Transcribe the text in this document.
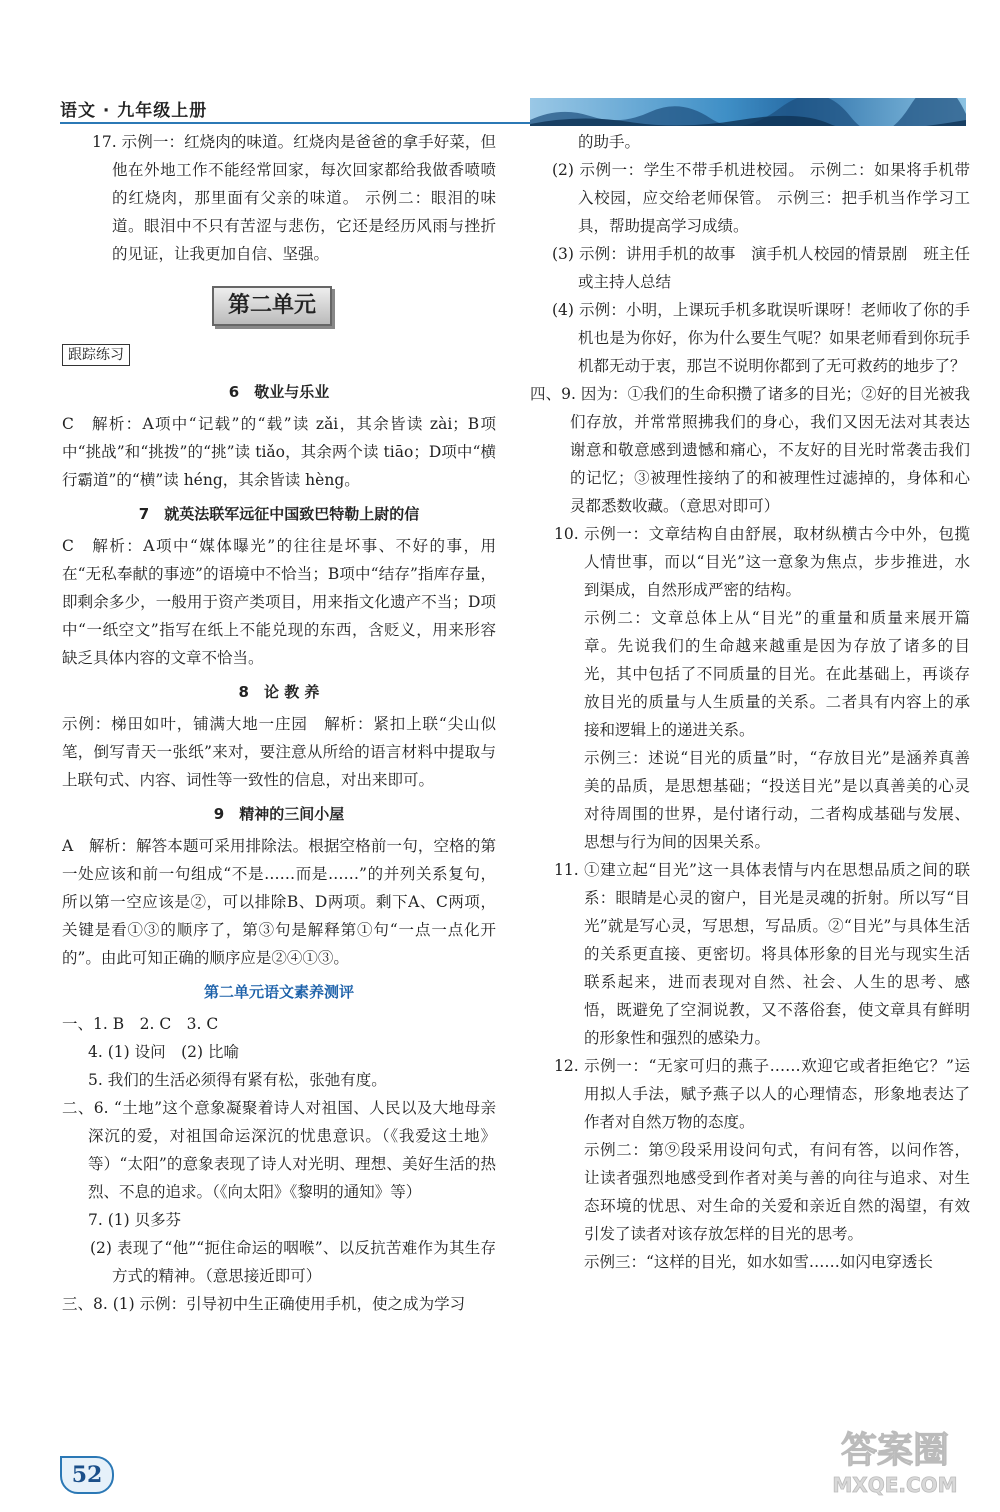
语文 · 九年级上册

17. 示例一：红烧肉的味道。红烧肉是爸爸的拿手好菜，但他在外地工作不能经常回家，每次回家都给我做香喷喷的红烧肉，那里面有父亲的味道。 示例二：眼泪的味道。眼泪中不只有苦涩与悲伤，它还是经历风雨与挫折的见证，让我更加自信、坚强。

第二单元
跟踪练习
6　敬业与乐业

C　解析：A项中“记载”的“载”读 zǎi，其余皆读 zài；B项中“挑战”和“挑拨”的“挑”读 tiǎo，其余两个读 tiāo；D项中“横行霸道”的“横”读 héng，其余皆读 hèng。

7　就英法联军远征中国致巴特勒上尉的信

C　解析：A项中“媒体曝光”的往往是坏事、不好的事，用在“无私奉献的事迹”的语境中不恰当；B项中“结存”指库存量，即剩余多少，一般用于资产类项目，用来指文化遗产不当；D项中“一纸空文”指写在纸上不能兑现的东西，含贬义，用来形容缺乏具体内容的文章不恰当。

8　论 教 养

示例：梯田如叶，铺满大地一庄园　解析：紧扣上联“尖山似笔，倒写青天一张纸”来对，要注意从所给的语言材料中提取与上联句式、内容、词性等一致性的信息，对出来即可。

9　精神的三间小屋

A　解析：解答本题可采用排除法。根据空格前一句，空格的第一处应该和前一句组成“不是……而是……”的并列关系复句，所以第一空应该是②，可以排除B、D两项。剩下A、C两项，关键是看①③的顺序了，第③句是解释第①句“一点一点化开的”。由此可知正确的顺序应是②④①③。

第二单元语文素养测评

一、1. B　2. C　3. C

4. (1) 设问　(2) 比喻

5. 我们的生活必须得有紧有松，张弛有度。

二、6. “土地”这个意象凝聚着诗人对祖国、人民以及大地母亲深沉的爱，对祖国命运深沉的忧患意识。（《我爱这土地》等）“太阳”的意象表现了诗人对光明、理想、美好生活的热烈、不息的追求。（《向太阳》《黎明的通知》等）

7. (1) 贝多芬

(2) 表现了“他”“扼住命运的咽喉”、以反抗苦难作为其生存方式的精神。（意思接近即可）

三、8. (1) 示例：引导初中生正确使用手机，使之成为学习

的助手。

(2) 示例一：学生不带手机进校园。 示例二：如果将手机带入校园，应交给老师保管。 示例三：把手机当作学习工具，帮助提高学习成绩。

(3) 示例：讲用手机的故事　演手机人校园的情景剧　班主任或主持人总结

(4) 示例：小明，上课玩手机多耽误听课呀！老师收了你的手机也是为你好，你为什么要生气呢？如果老师看到你玩手机都无动于衷，那岂不说明你都到了无可救药的地步了？

四、9. 因为：①我们的生命积攒了诸多的目光；②好的目光被我们存放，并常常照拂我们的身心，我们又因无法对其表达谢意和敬意感到遗憾和痛心，不友好的目光时常袭击我们的记忆；③被理性接纳了的和被理性过滤掉的，身体和心灵都悉数收藏。（意思对即可）

10. 示例一：文章结构自由舒展，取材纵横古今中外，包揽人情世事，而以“目光”这一意象为焦点，步步推进，水到渠成，自然形成严密的结构。

示例二：文章总体上从“目光”的重量和质量来展开篇章。先说我们的生命越来越重是因为存放了诸多的目光，其中包括了不同质量的目光。在此基础上，再谈存放目光的质量与人生质量的关系。二者具有内容上的承接和逻辑上的递进关系。

示例三：述说“目光的质量”时，“存放目光”是涵养真善美的品质，是思想基础；“投送目光”是以真善美的心灵对待周围的世界，是付诸行动，二者构成基础与发展、思想与行为间的因果关系。

11. ①建立起“目光”这一具体表情与内在思想品质之间的联系：眼睛是心灵的窗户，目光是灵魂的折射。所以写“目光”就是写心灵，写思想，写品质。②“目光”与具体生活的关系更直接、更密切。将具体形象的目光与现实生活联系起来，进而表现对自然、社会、人生的思考、感悟，既避免了空洞说教，又不落俗套，使文章具有鲜明的形象性和强烈的感染力。

12. 示例一：“无家可归的燕子……欢迎它或者拒绝它？”运用拟人手法，赋予燕子以人的心理情态，形象地表达了作者对自然万物的态度。

示例二：第⑨段采用设问句式，有问有答，以问作答，让读者强烈地感受到作者对美与善的向往与追求、对生态环境的忧思、对生命的关爱和亲近自然的渴望，有效引发了读者对该存放怎样的目光的思考。

示例三：“这样的目光，如水如雪……如闪电穿透长

52
答案圈
MXQE.COM
